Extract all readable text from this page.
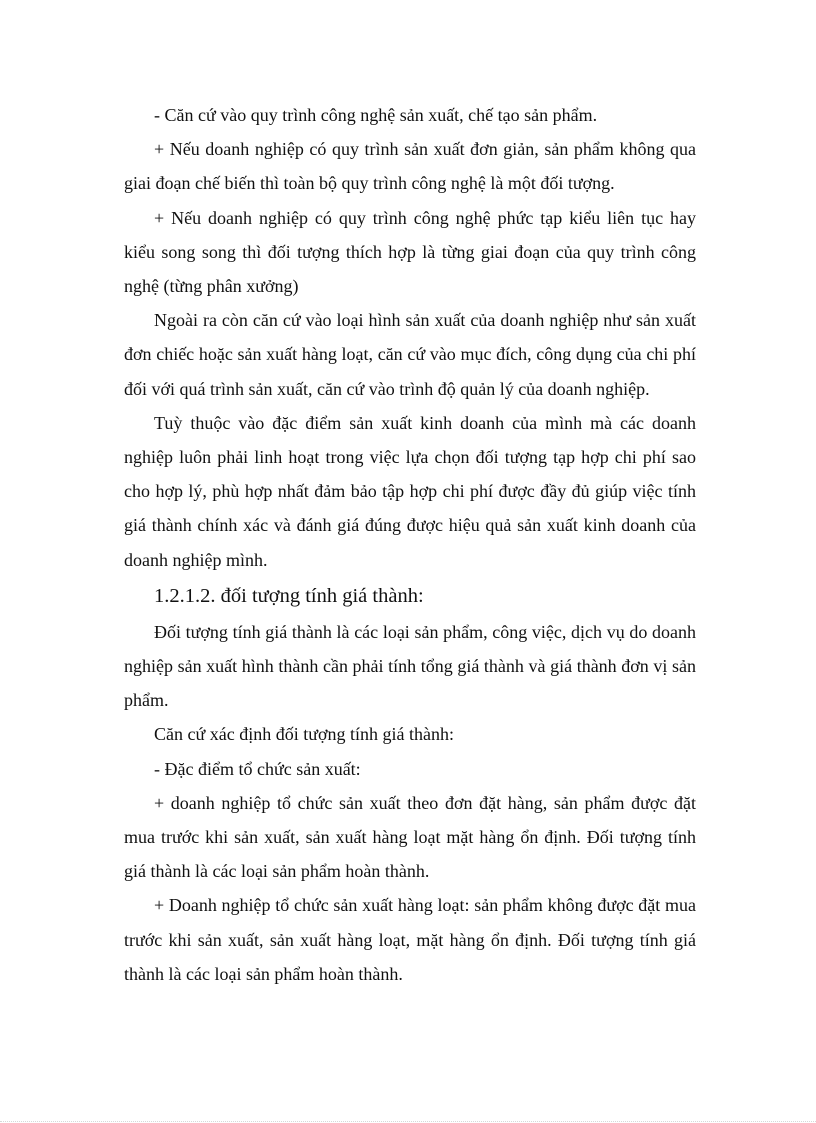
- Căn cứ vào quy trình công nghệ sản xuất, chế tạo sản phẩm.

+ Nếu doanh nghiệp có quy trình sản xuất đơn giản, sản phẩm không qua giai đoạn chế biến thì toàn bộ quy trình công nghệ là một đối tượng.

+ Nếu doanh nghiệp có quy trình công nghệ phức tạp kiểu liên tục hay kiểu song song thì đối tượng thích hợp là từng giai đoạn của quy trình công nghệ (từng phân xưởng)

Ngoài ra còn căn cứ vào loại hình sản xuất của doanh nghiệp như sản xuất đơn chiếc hoặc sản xuất hàng loạt, căn cứ vào mục đích, công dụng của chi phí đối với quá trình sản xuất, căn cứ vào trình độ quản lý của doanh nghiệp.

Tuỳ thuộc vào đặc điểm sản xuất kinh doanh của mình mà các doanh nghiệp luôn phải linh hoạt trong việc lựa chọn đối tượng tạp hợp chi phí sao cho hợp lý, phù hợp nhất đảm bảo tập hợp chi phí được đầy đủ giúp việc tính giá thành chính xác và đánh giá đúng được hiệu quả sản xuất kinh doanh của doanh nghiệp mình.

1.2.1.2. đối tượng tính giá thành:

Đối tượng tính giá thành là các loại sản phẩm, công việc, dịch vụ do doanh nghiệp sản xuất hình thành cần phải tính tổng giá thành và giá thành đơn vị sản phẩm.

Căn cứ xác định đối tượng tính giá thành:

- Đặc điểm tổ chức sản xuất:

+ doanh nghiệp tổ chức sản xuất theo đơn đặt hàng, sản phẩm được đặt mua trước khi sản xuất, sản xuất hàng loạt mặt hàng ổn định. Đối tượng tính giá thành là các loại sản phẩm hoàn thành.

+ Doanh nghiệp tổ chức sản xuất hàng loạt: sản phẩm không được đặt mua trước khi sản xuất, sản xuất hàng loạt, mặt hàng ổn định. Đối tượng tính giá thành là các loại sản phẩm hoàn thành.
